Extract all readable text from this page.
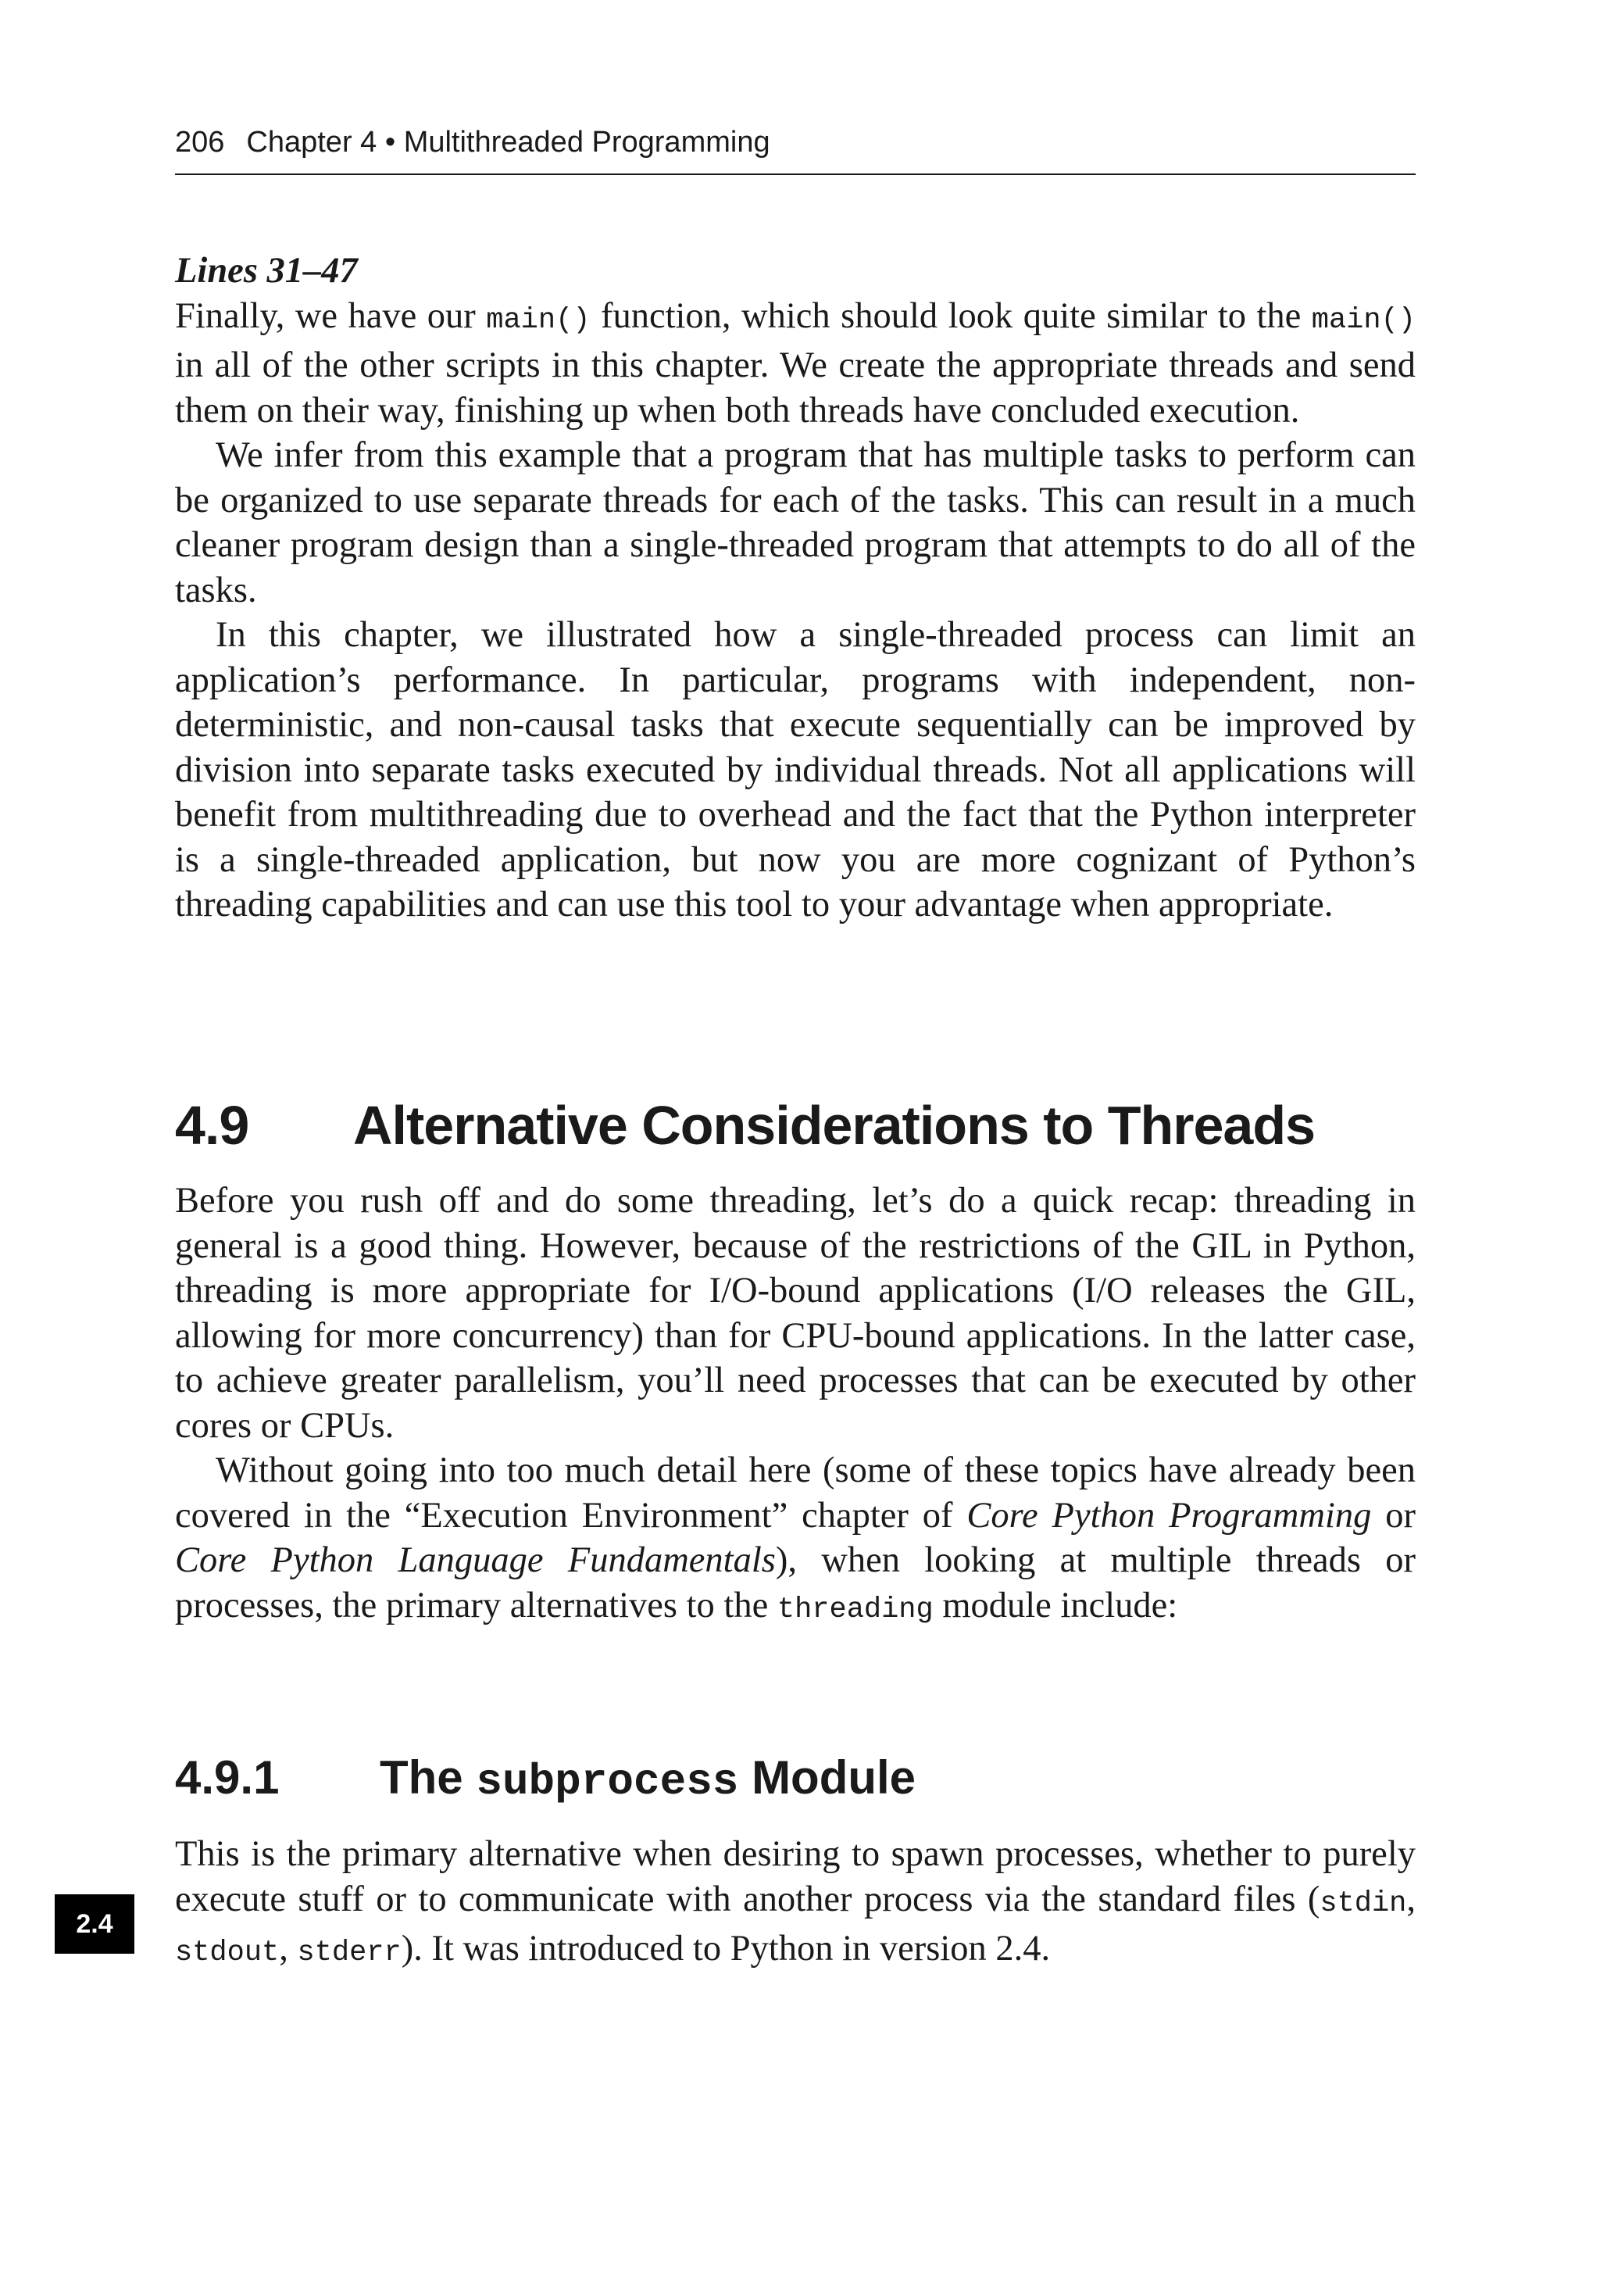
206 Chapter 4 • Multithreaded Programming
Lines 31–47

Finally, we have our main() function, which should look quite similar to the main() in all of the other scripts in this chapter. We create the appropriate threads and send them on their way, finishing up when both threads have concluded execution.

We infer from this example that a program that has multiple tasks to perform can be organized to use separate threads for each of the tasks. This can result in a much cleaner program design than a single-threaded program that attempts to do all of the tasks.

In this chapter, we illustrated how a single-threaded process can limit an application’s performance. In particular, programs with independent, non-deterministic, and non-causal tasks that execute sequentially can be improved by division into separate tasks executed by individual threads. Not all applications will benefit from multithreading due to overhead and the fact that the Python interpreter is a single-threaded application, but now you are more cognizant of Python’s threading capabilities and can use this tool to your advantage when appropriate.

4.9 Alternative Considerations to Threads

Before you rush off and do some threading, let’s do a quick recap: threading in general is a good thing. However, because of the restrictions of the GIL in Python, threading is more appropriate for I/O-bound applications (I/O releases the GIL, allowing for more concurrency) than for CPU-bound applications. In the latter case, to achieve greater parallelism, you’ll need processes that can be executed by other cores or CPUs.

Without going into too much detail here (some of these topics have already been covered in the “Execution Environment” chapter of Core Python Programming or Core Python Language Fundamentals), when looking at multiple threads or processes, the primary alternatives to the threading module include:

4.9.1 The subprocess Module

This is the primary alternative when desiring to spawn processes, whether to purely execute stuff or to communicate with another process via the standard files (stdin, stdout, stderr). It was introduced to Python in version 2.4.

2.4
